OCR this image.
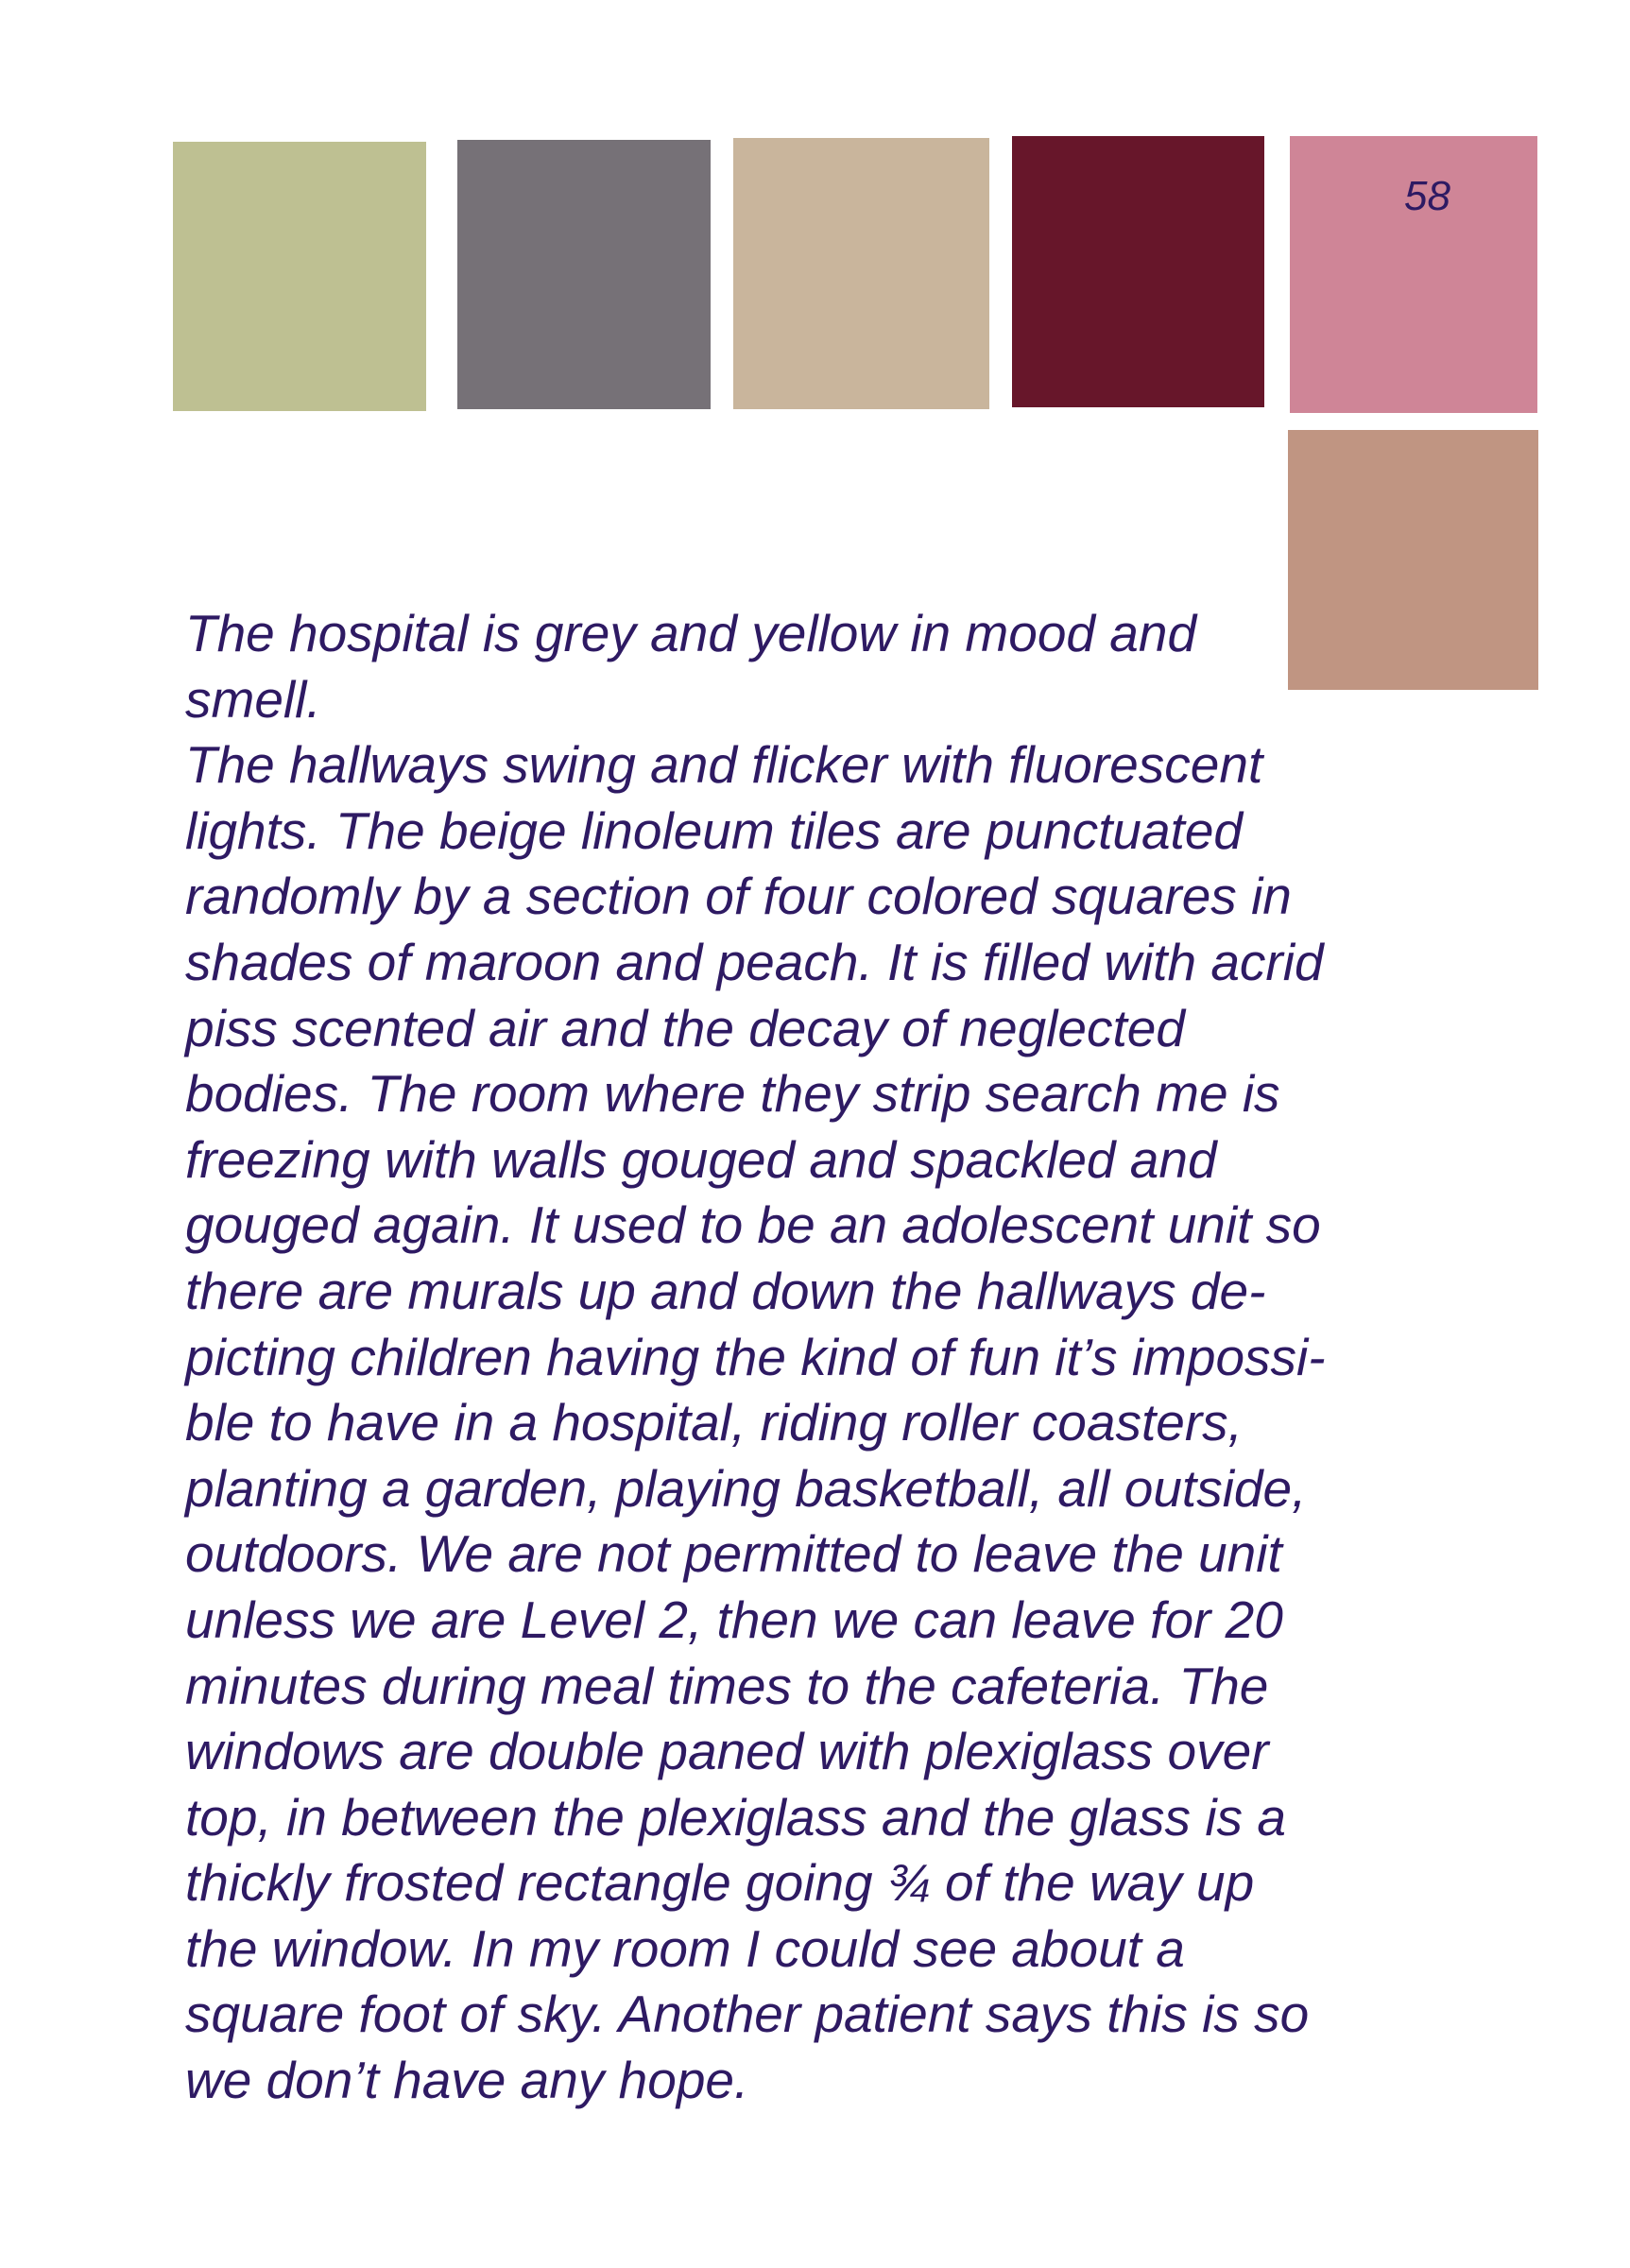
58
The hospital is grey and yellow in mood and
smell.
The hallways swing and flicker with fluorescent
lights. The beige linoleum tiles are punctuated
randomly by a section of four colored squares in
shades of maroon and peach. It is filled with acrid
piss scented air and the decay of neglected
bodies. The room where they strip search me is
freezing with walls gouged and spackled and
gouged again. It used to be an adolescent unit so
there are murals up and down the hallways de-
picting children having the kind of fun it’s impossi-
ble to have in a hospital, riding roller coasters,
planting a garden, playing basketball, all outside,
outdoors. We are not permitted to leave the unit
unless we are Level 2, then we can leave for 20
minutes during meal times to the cafeteria. The
windows are double paned with plexiglass over
top, in between the plexiglass and the glass is a
thickly frosted rectangle going ¾ of the way up
the window. In my room I could see about a
square foot of sky. Another patient says this is so
we don’t have any hope.
